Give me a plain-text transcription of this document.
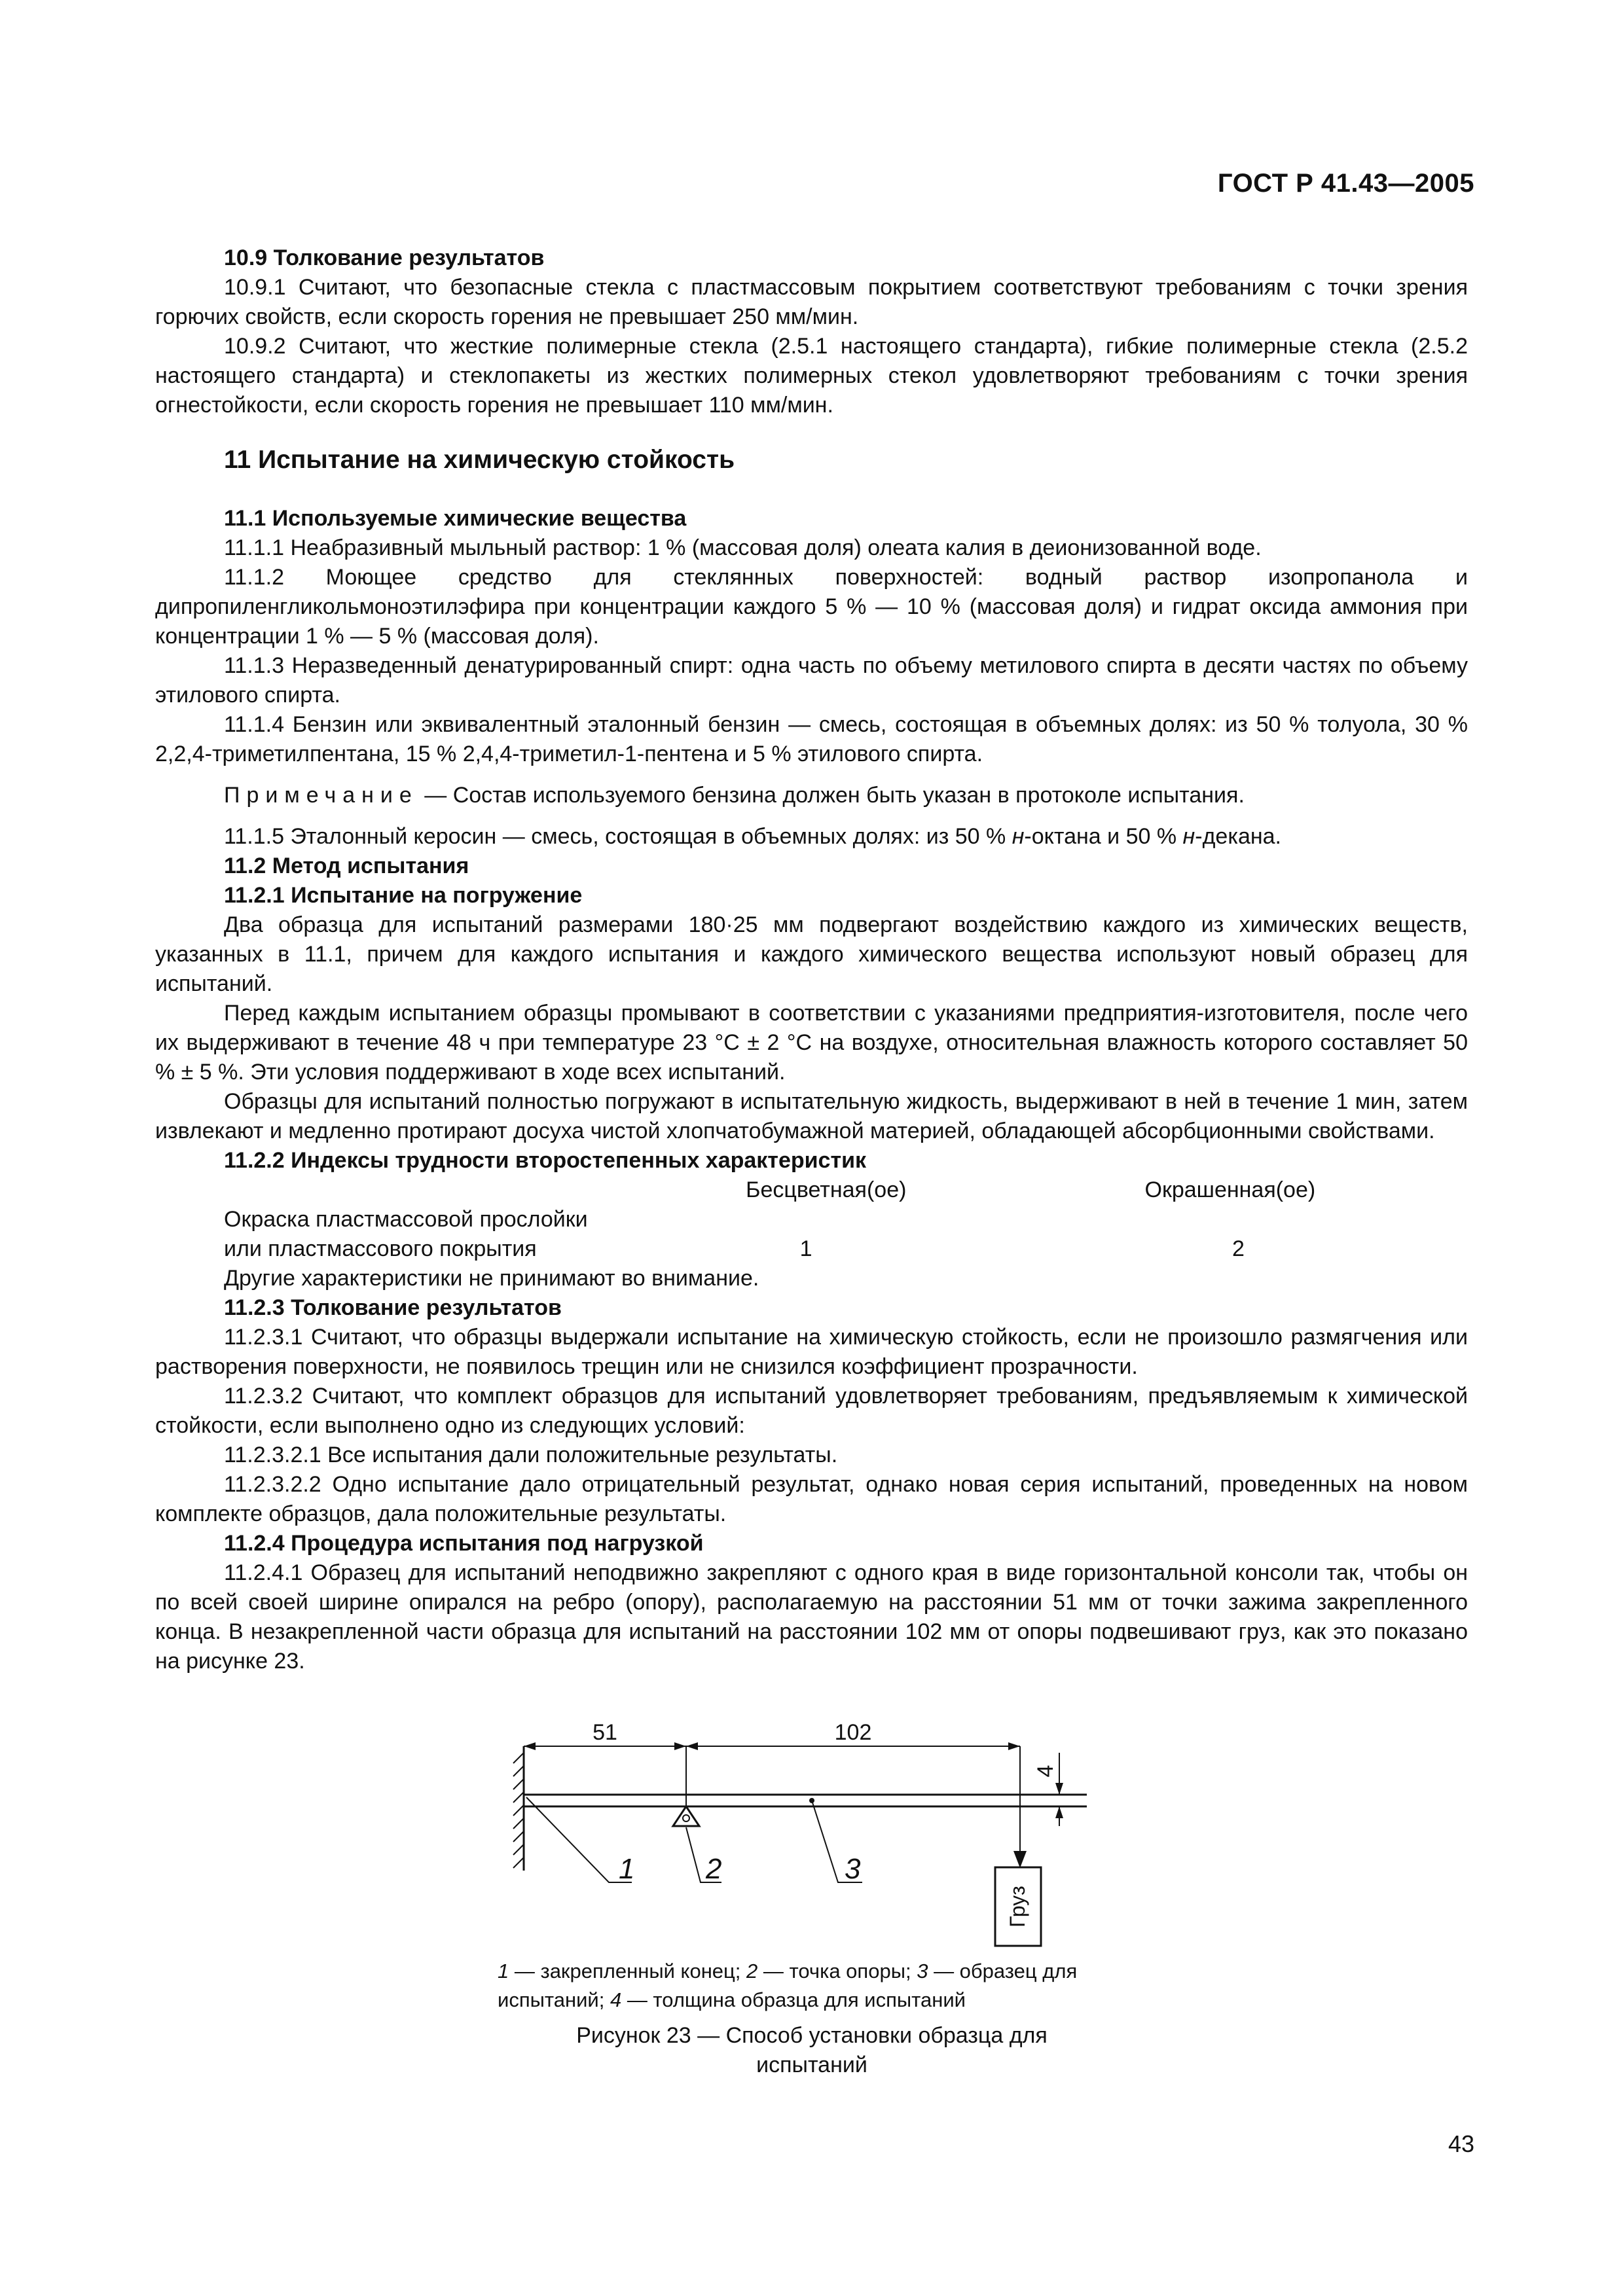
ГОСТ Р 41.43—2005

10.9 Толкование результатов

10.9.1 Считают, что безопасные стекла с пластмассовым покрытием соответствуют требованиям с точки зрения горючих свойств, если скорость горения не превышает 250 мм/мин.

10.9.2 Считают, что жесткие полимерные стекла (2.5.1 настоящего стандарта), гибкие полимерные стекла (2.5.2 настоящего стандарта) и стеклопакеты из жестких полимерных стекол удовлетворяют требованиям с точки зрения огнестойкости, если скорость горения не превышает 110 мм/мин.

11 Испытание на химическую стойкость

11.1 Используемые химические вещества

11.1.1 Неабразивный мыльный раствор: 1 % (массовая доля) олеата калия в деионизованной воде.

11.1.2 Моющее средство для стеклянных поверхностей: водный раствор изопропанола и дипропиленгликольмоноэтилэфира при концентрации каждого 5 % — 10 % (массовая доля) и гидрат оксида аммония при концентрации 1 % — 5 % (массовая доля).

11.1.3 Неразведенный денатурированный спирт: одна часть по объему метилового спирта в десяти частях по объему этилового спирта.

11.1.4 Бензин или эквивалентный эталонный бензин — смесь, состоящая в объемных долях: из 50 % толуола, 30 % 2,2,4-триметилпентана, 15 % 2,4,4-триметил-1-пентена и 5 % этилового спирта.

Примечание — Состав используемого бензина должен быть указан в протоколе испытания.

11.1.5 Эталонный керосин — смесь, состоящая в объемных долях: из 50 % н-октана и 50 % н-декана.

11.2 Метод испытания

11.2.1 Испытание на погружение

Два образца для испытаний размерами 180·25 мм подвергают воздействию каждого из химических веществ, указанных в 11.1, причем для каждого испытания и каждого химического вещества используют новый образец для испытаний.

Перед каждым испытанием образцы промывают в соответствии с указаниями предприятия-изготовителя, после чего их выдерживают в течение 48 ч при температуре 23 °С ± 2 °С на воздухе, относительная влажность которого составляет 50 % ± 5 %. Эти условия поддерживают в ходе всех испытаний.

Образцы для испытаний полностью погружают в испытательную жидкость, выдерживают в ней в течение 1 мин, затем извлекают и медленно протирают досуха чистой хлопчатобумажной материей, обладающей абсорбционными свойствами.

11.2.2 Индексы трудности второстепенных характеристик

Бесцветная(ое)	Окрашенная(ое)
Окраска пластмассовой прослойки
или пластмассового покрытия	1	2
Другие характеристики не принимают во внимание.

11.2.3 Толкование результатов

11.2.3.1 Считают, что образцы выдержали испытание на химическую стойкость, если не произошло размягчения или растворения поверхности, не появилось трещин или не снизился коэффициент прозрачности.

11.2.3.2 Считают, что комплект образцов для испытаний удовлетворяет требованиям, предъявляемым к химической стойкости, если выполнено одно из следующих условий:

11.2.3.2.1 Все испытания дали положительные результаты.

11.2.3.2.2 Одно испытание дало отрицательный результат, однако новая серия испытаний, проведенных на новом комплекте образцов, дала положительные результаты.

11.2.4 Процедура испытания под нагрузкой

11.2.4.1 Образец для испытаний неподвижно закрепляют с одного края в виде горизонтальной консоли так, чтобы он по всей своей ширине опирался на ребро (опору), располагаемую на расстоянии 51 мм от точки зажима закрепленного конца. В незакрепленной части образца для испытаний на расстоянии 102 мм от опоры подвешивают груз, как это показано на рисунке 23.

51	102
4
1 2	3
Груз
1 — закрепленный конец; 2 — точка опоры; 3 — образец для испытаний; 4 — толщина образца для испытаний
Рисунок 23 — Способ установки образца для испытаний
43
